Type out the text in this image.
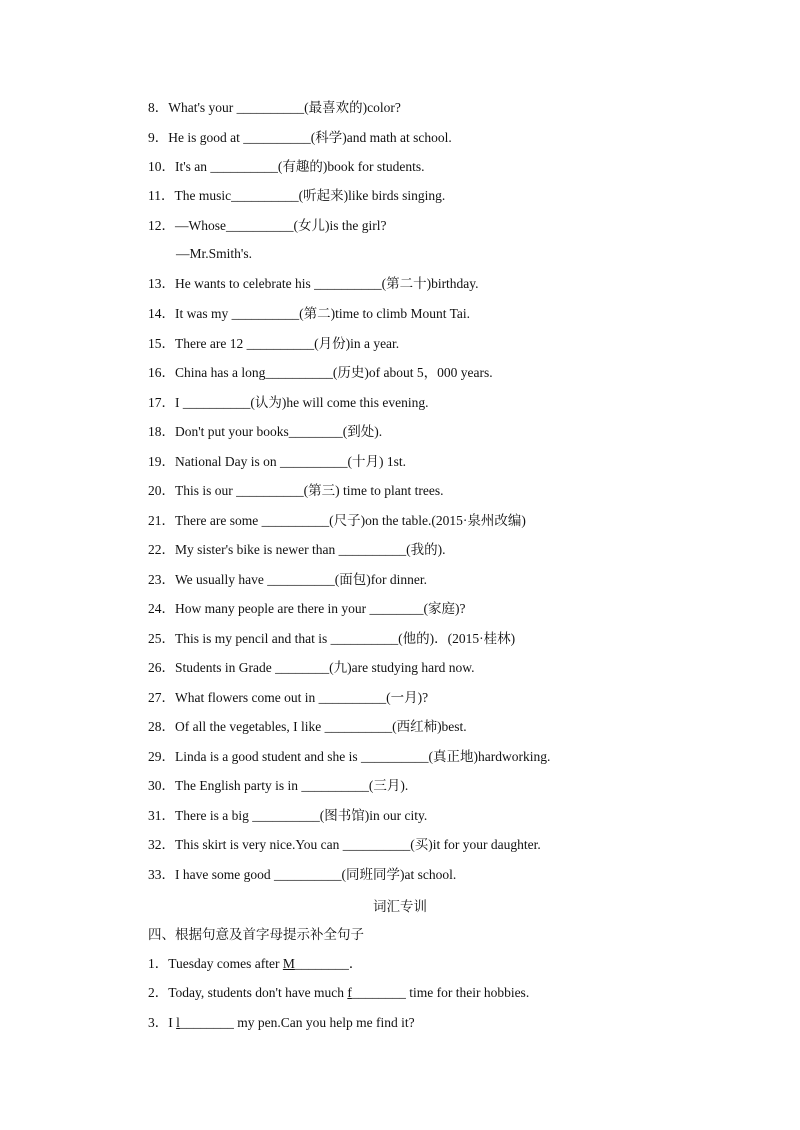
8．What's your __________(最喜欢的)color?
9．He is good at __________(科学)and math at school.
10．It's an __________(有趣的)book for students.
11．The music__________(听起来)like birds singing.
12．—Whose__________(女儿)is the girl?
—Mr.Smith's.
13．He wants to celebrate his __________(第二十)birthday.
14．It was my __________(第二)time to climb Mount Tai.
15．There are 12 __________(月份)in a year.
16．China has a long__________(历史)of about 5，000 years.
17．I __________(认为)he will come this evening.
18．Don't put your books________(到处).
19．National Day is on __________(十月) 1st.
20．This is our __________(第三) time to plant trees.
21．There are some __________(尺子)on the table.(2015·泉州改编)
22．My sister's bike is newer than __________(我的).
23．We usually have __________(面包)for dinner.
24．How many people are there in your ________(家庭)?
25．This is my pencil and that is __________(他的)．(2015·桂林)
26．Students in Grade ________(九)are studying hard now.
27．What flowers come out in __________(一月)?
28．Of all the vegetables, I like __________(西红柿)best.
29．Linda is a good student and she is __________(真正地)hardworking.
30．The English party is in __________(三月).
31．There is a big __________(图书馆)in our city.
32．This skirt is very nice.You can __________(买)it for your daughter.
33．I have some good __________(同班同学)at school.
词汇专训
四、根据句意及首字母提示补全句子
1．Tuesday comes after M________．
2．Today, students don't have much f________ time for their hobbies.
3．I l________ my pen.Can you help me find it?
